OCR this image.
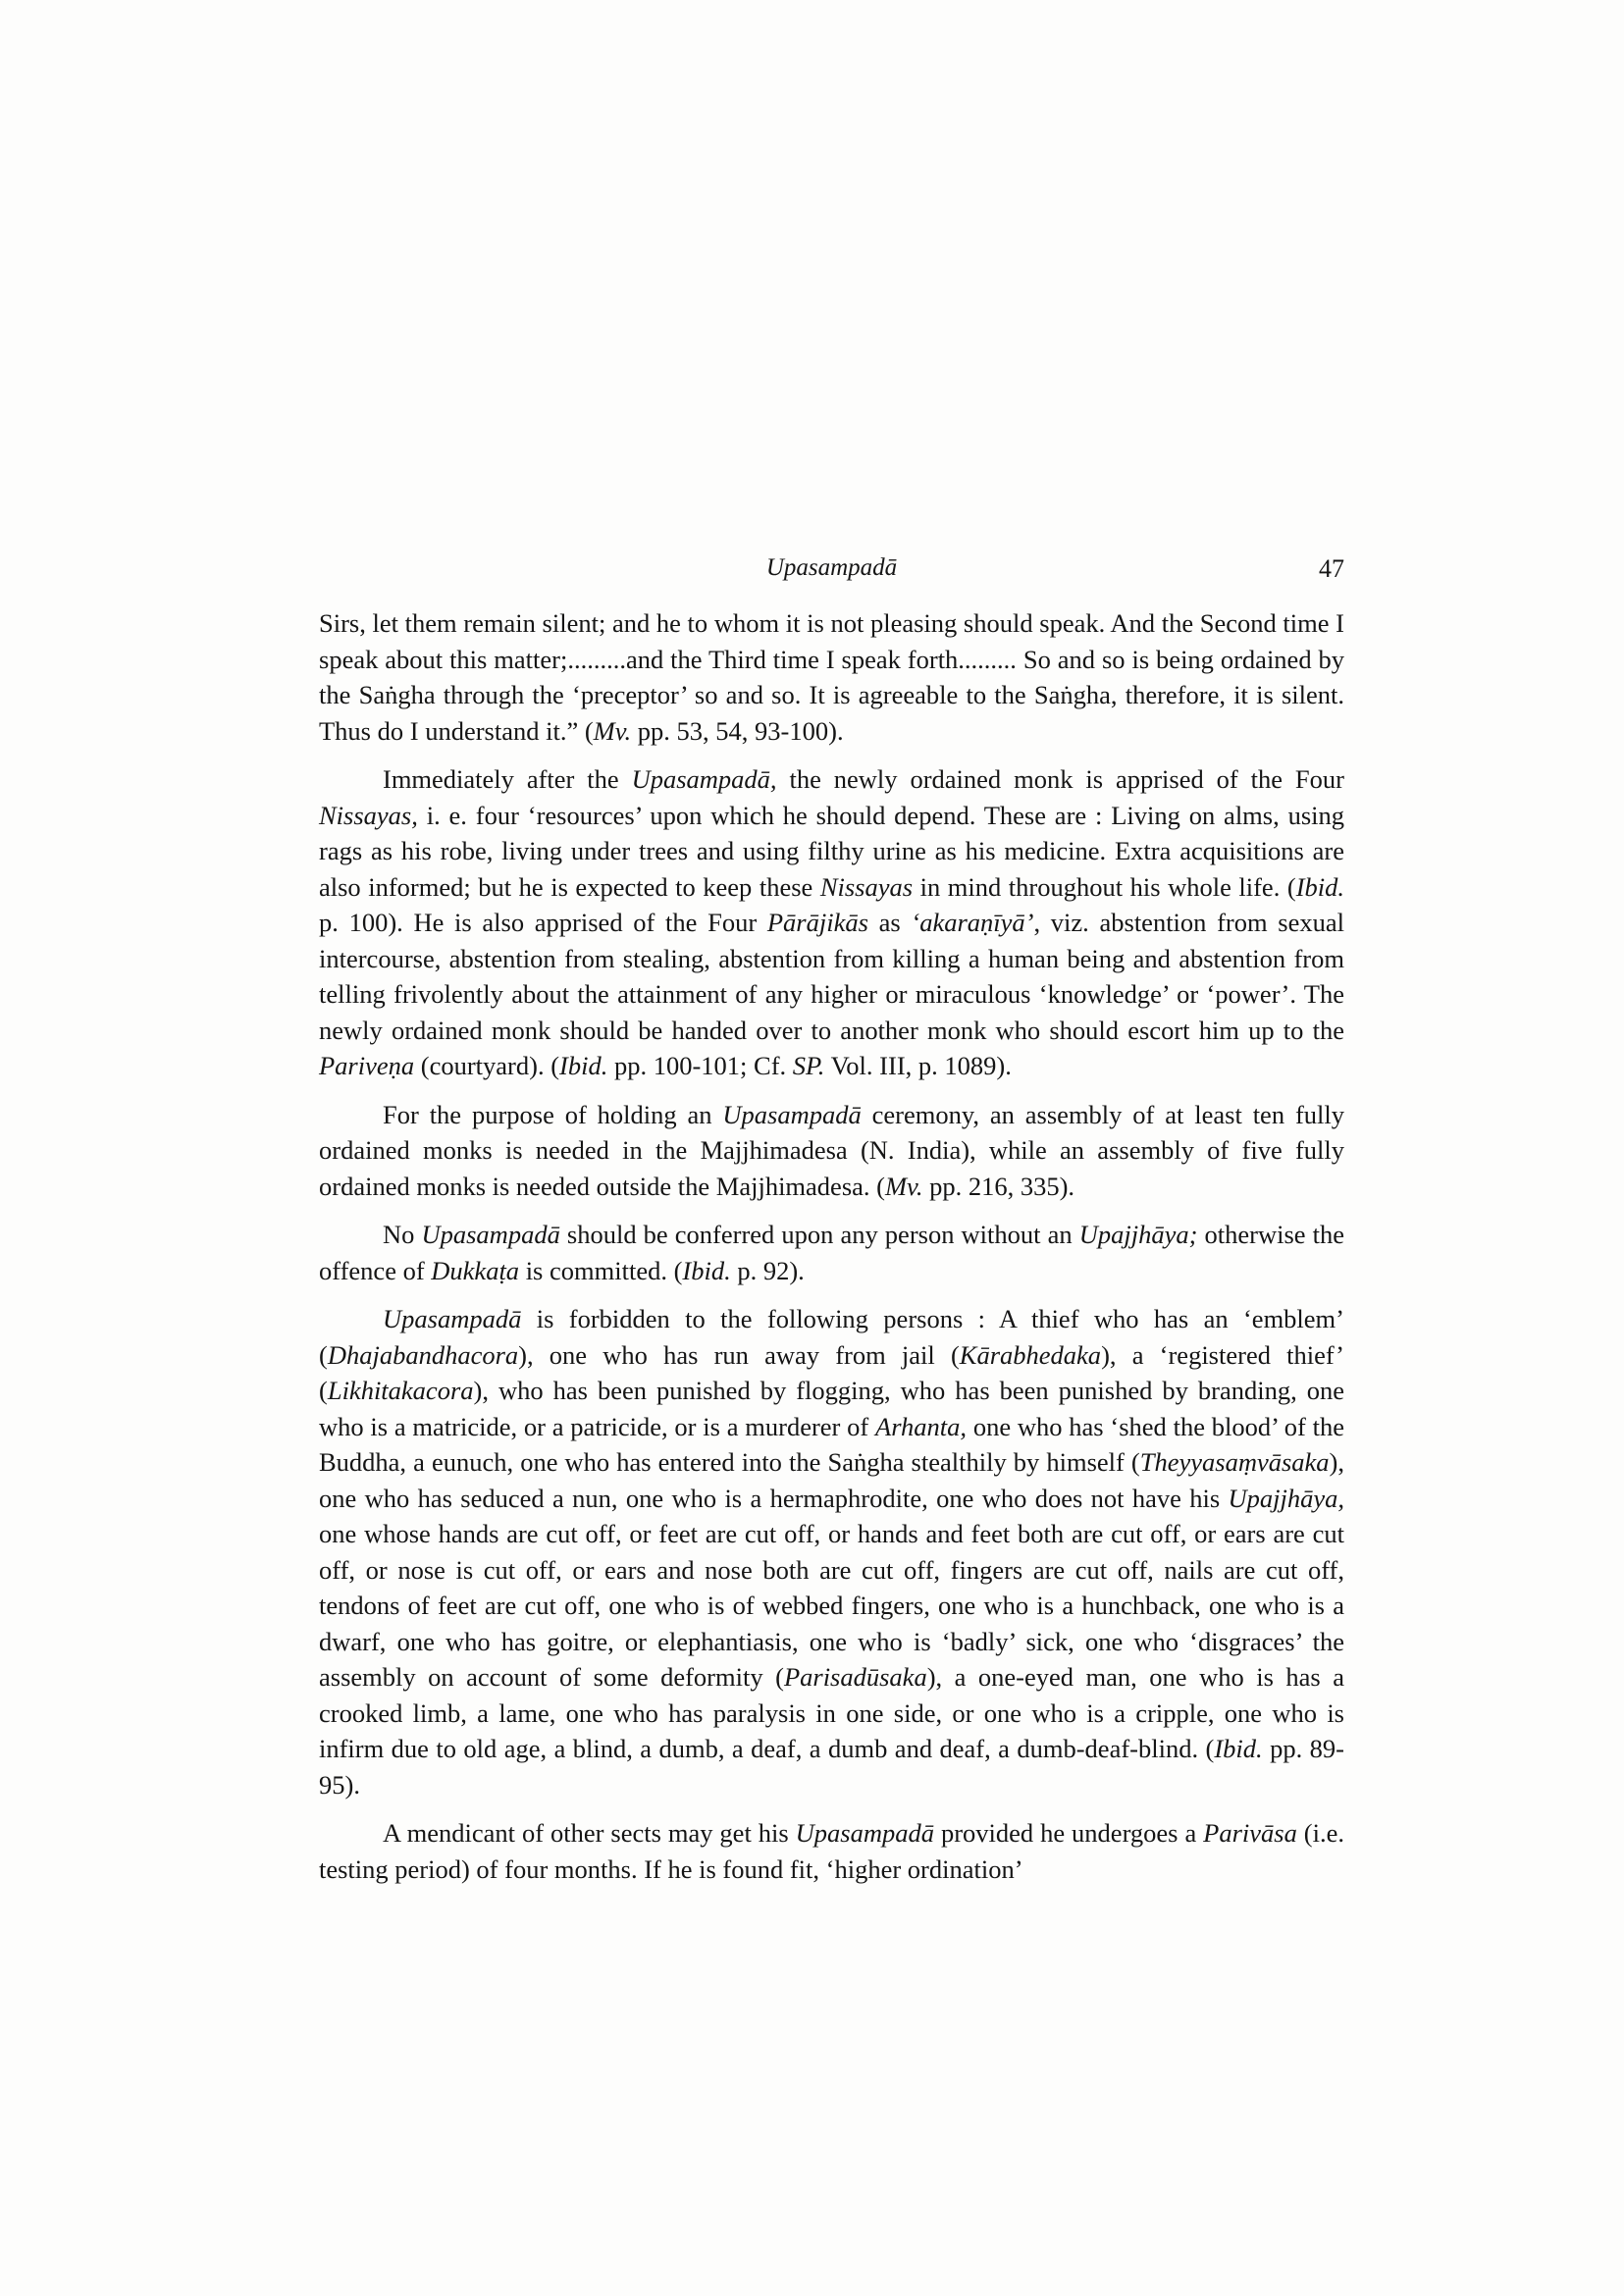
Upasampadā	47

Sirs, let them remain silent; and he to whom it is not pleasing should speak. And the Second time I speak about this matter;.........and the Third time I speak forth......... So and so is being ordained by the Saṅgha through the ‘preceptor’ so and so. It is agreeable to the Saṅgha, therefore, it is silent. Thus do I understand it.” (Mv. pp. 53, 54, 93-100).

Immediately after the Upasampadā, the newly ordained monk is apprised of the Four Nissayas, i. e. four ‘resources’ upon which he should depend. These are : Living on alms, using rags as his robe, living under trees and using filthy urine as his medicine. Extra acquisitions are also informed; but he is expected to keep these Nissayas in mind throughout his whole life. (Ibid. p. 100). He is also apprised of the Four Pārājikās as ‘akaraṇīyā’, viz. abstention from sexual intercourse, abstention from stealing, abstention from killing a human being and abstention from telling frivolently about the attainment of any higher or miraculous ‘knowledge’ or ‘power’. The newly ordained monk should be handed over to another monk who should escort him up to the Pariveṇa (courtyard). (Ibid. pp. 100-101; Cf. SP. Vol. III, p. 1089).

For the purpose of holding an Upasampadā ceremony, an assembly of at least ten fully ordained monks is needed in the Majjhimadesa (N. India), while an assembly of five fully ordained monks is needed outside the Majjhimadesa. (Mv. pp. 216, 335).

No Upasampadā should be conferred upon any person without an Upajjhāya; otherwise the offence of Dukkaṭa is committed. (Ibid. p. 92).

Upasampadā is forbidden to the following persons : A thief who has an ‘emblem’ (Dhajabandhacora), one who has run away from jail (Kārabhedaka), a ‘registered thief’ (Likhitakacora), who has been punished by flogging, who has been punished by branding, one who is a matricide, or a patricide, or is a murderer of Arhanta, one who has ‘shed the blood’ of the Buddha, a eunuch, one who has entered into the Saṅgha stealthily by himself (Theyyasaṃvāsaka), one who has seduced a nun, one who is a hermaphrodite, one who does not have his Upajjhāya, one whose hands are cut off, or feet are cut off, or hands and feet both are cut off, or ears are cut off, or nose is cut off, or ears and nose both are cut off, fingers are cut off, nails are cut off, tendons of feet are cut off, one who is of webbed fingers, one who is a hunchback, one who is a dwarf, one who has goitre, or elephantiasis, one who is ‘badly’ sick, one who ‘disgraces’ the assembly on account of some deformity (Parisadūsaka), a one-eyed man, one who is has a crooked limb, a lame, one who has paralysis in one side, or one who is a cripple, one who is infirm due to old age, a blind, a dumb, a deaf, a dumb and deaf, a dumb-deaf-blind. (Ibid. pp. 89-95).

A mendicant of other sects may get his Upasampadā provided he undergoes a Parivāsa (i.e. testing period) of four months. If he is found fit, ‘higher ordination’
